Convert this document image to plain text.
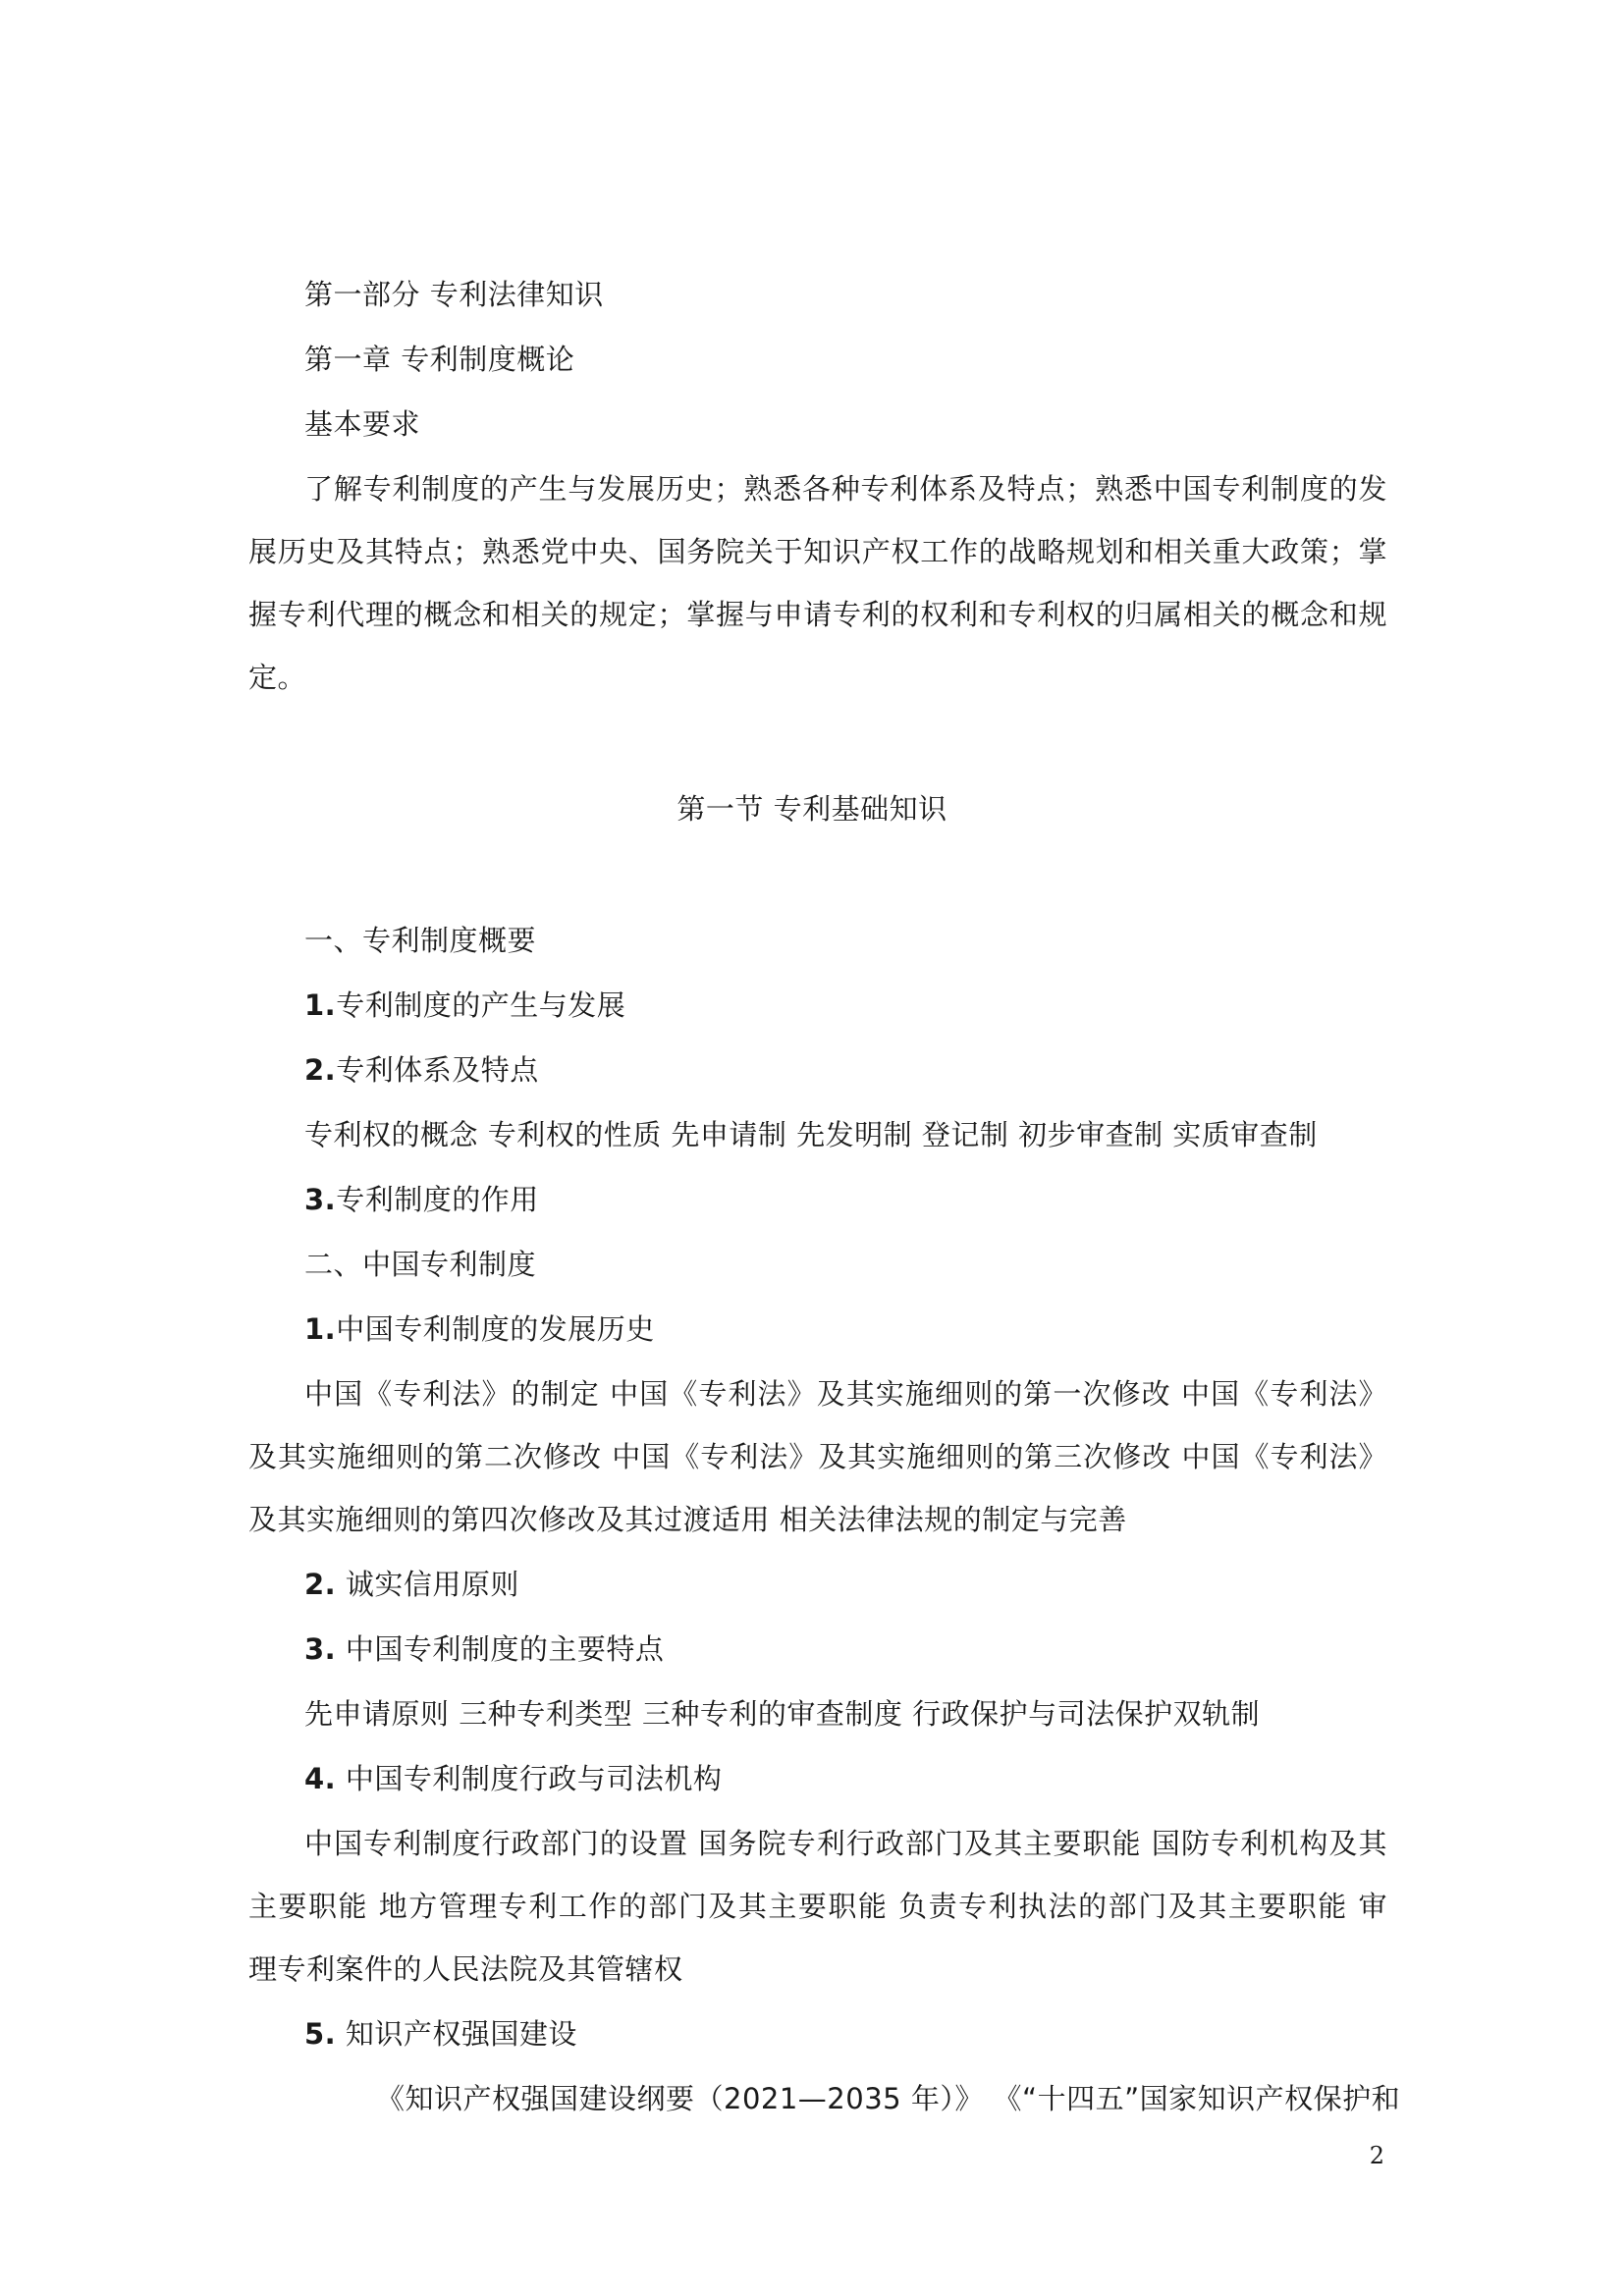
第一部分 专利法律知识
第一章 专利制度概论
基本要求
了解专利制度的产生与发展历史；熟悉各种专利体系及特点；熟悉中国专利制度的发
展历史及其特点；熟悉党中央、国务院关于知识产权工作的战略规划和相关重大政策；掌
握专利代理的概念和相关的规定；掌握与申请专利的权利和专利权的归属相关的概念和规
定。
第一节 专利基础知识
一、专利制度概要
1.专利制度的产生与发展
2.专利体系及特点
专利权的概念 专利权的性质 先申请制 先发明制 登记制 初步审查制 实质审查制
3.专利制度的作用
二、中国专利制度
1.中国专利制度的发展历史
中国《专利法》的制定 中国《专利法》及其实施细则的第一次修改 中国《专利法》
及其实施细则的第二次修改 中国《专利法》及其实施细则的第三次修改 中国《专利法》
及其实施细则的第四次修改及其过渡适用 相关法律法规的制定与完善
2. 诚实信用原则
3. 中国专利制度的主要特点
先申请原则 三种专利类型 三种专利的审查制度 行政保护与司法保护双轨制
4. 中国专利制度行政与司法机构
中国专利制度行政部门的设置 国务院专利行政部门及其主要职能 国防专利机构及其
主要职能 地方管理专利工作的部门及其主要职能 负责专利执法的部门及其主要职能 审
理专利案件的人民法院及其管辖权
5. 知识产权强国建设
《知识产权强国建设纲要（2021—2035 年）》 《“十四五”国家知识产权保护和
2
